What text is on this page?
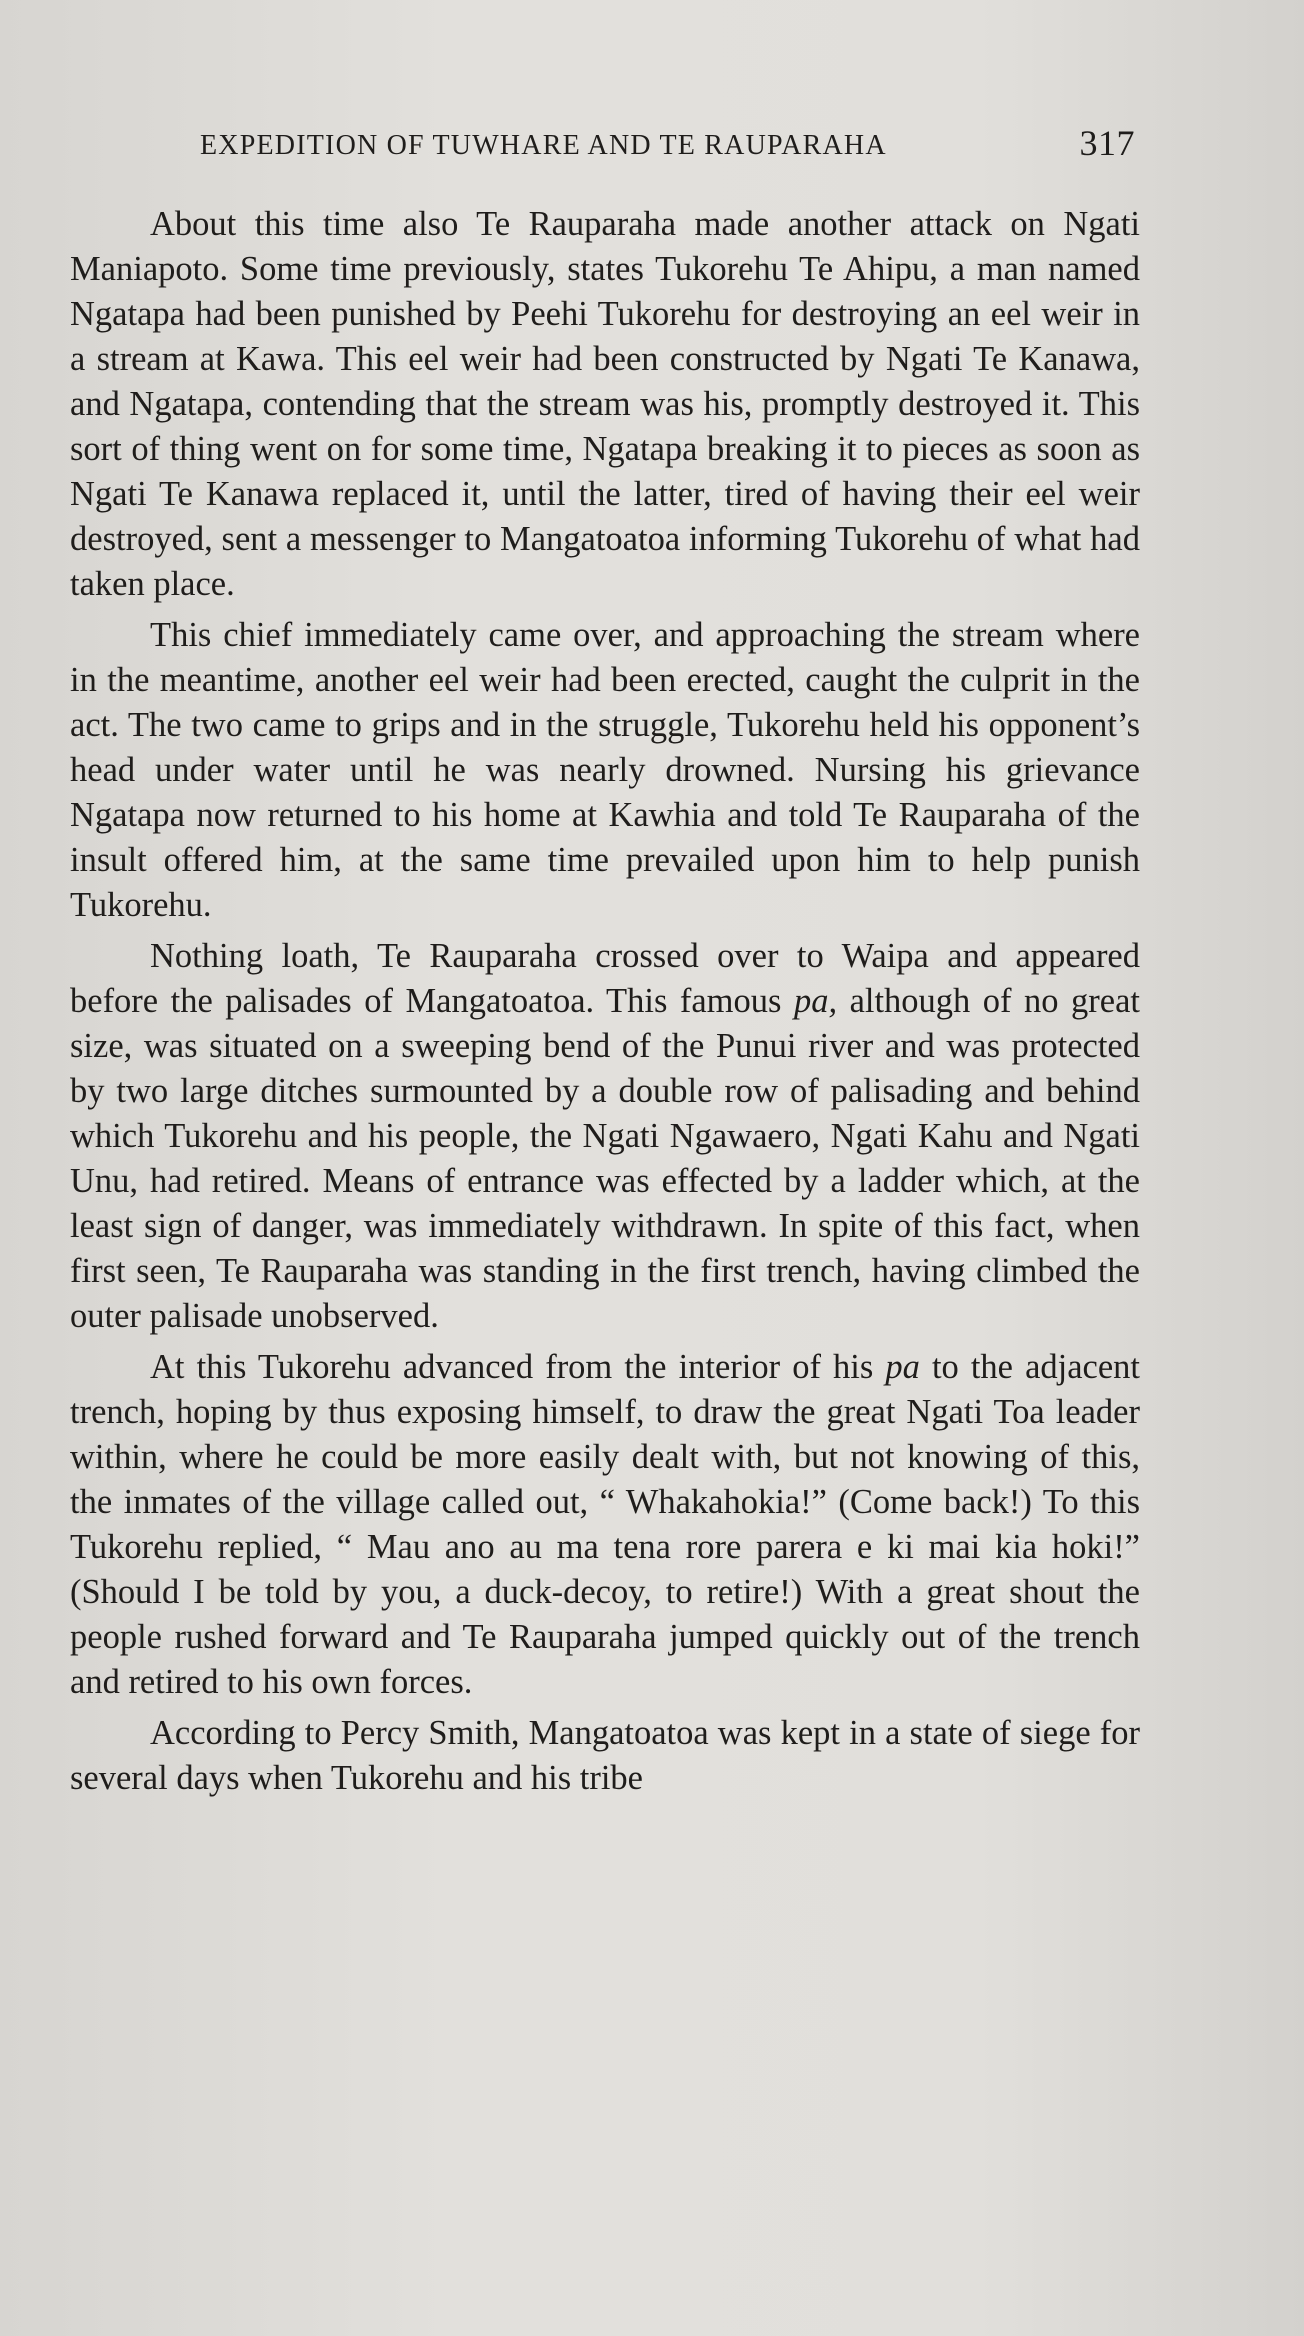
EXPEDITION OF TUWHARE AND TE RAUPARAHA	317

About this time also Te Rauparaha made another attack on Ngati Maniapoto. Some time previously, states Tukorehu Te Ahipu, a man named Ngatapa had been punished by Peehi Tukorehu for destroying an eel weir in a stream at Kawa. This eel weir had been constructed by Ngati Te Kanawa, and Ngatapa, contending that the stream was his, promptly destroyed it. This sort of thing went on for some time, Ngatapa breaking it to pieces as soon as Ngati Te Kanawa replaced it, until the latter, tired of having their eel weir destroyed, sent a messenger to Mangatoatoa informing Tukorehu of what had taken place.

This chief immediately came over, and approaching the stream where in the meantime, another eel weir had been erected, caught the culprit in the act. The two came to grips and in the struggle, Tukorehu held his opponent’s head under water until he was nearly drowned. Nursing his grievance Ngatapa now returned to his home at Kawhia and told Te Rauparaha of the insult offered him, at the same time prevailed upon him to help punish Tukorehu.

Nothing loath, Te Rauparaha crossed over to Waipa and appeared before the palisades of Mangatoatoa. This famous pa, although of no great size, was situated on a sweeping bend of the Punui river and was protected by two large ditches surmounted by a double row of palisading and behind which Tukorehu and his people, the Ngati Ngawaero, Ngati Kahu and Ngati Unu, had retired. Means of entrance was effected by a ladder which, at the least sign of danger, was immediately withdrawn. In spite of this fact, when first seen, Te Rauparaha was standing in the first trench, having climbed the outer palisade unobserved.

At this Tukorehu advanced from the interior of his pa to the adjacent trench, hoping by thus exposing himself, to draw the great Ngati Toa leader within, where he could be more easily dealt with, but not knowing of this, the inmates of the village called out, “ Whakahokia!” (Come back!) To this Tukorehu replied, “ Mau ano au ma tena rore parera e ki mai kia hoki!” (Should I be told by you, a duck-decoy, to retire!) With a great shout the people rushed forward and Te Rauparaha jumped quickly out of the trench and retired to his own forces.

According to Percy Smith, Mangatoatoa was kept in a state of siege for several days when Tukorehu and his tribe
